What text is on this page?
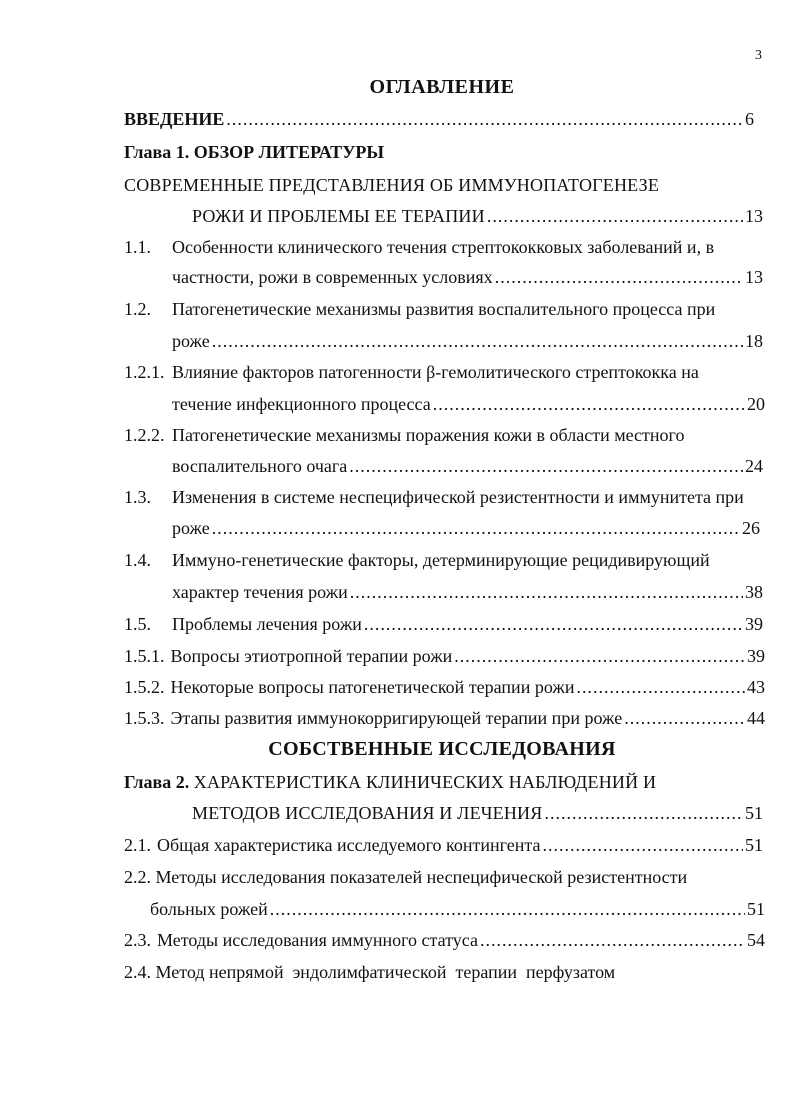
3
ОГЛАВЛЕНИЕ
ВВЕДЕНИЕ .....	6
Глава 1. ОБЗОР ЛИТЕРАТУРЫ
СОВРЕМЕННЫЕ ПРЕДСТАВЛЕНИЯ ОБ ИММУНОПАТОГЕНЕЗЕ
РОЖИ И ПРОБЛЕМЫ ЕЕ ТЕРАПИИ .....	13
1.1. Особенности клинического течения стрептококковых заболеваний и, в
частности, рожи в современных условиях .....	13
1.2. Патогенетические механизмы развития воспалительного процесса при
роже .....	18
1.2.1. Влияние факторов патогенности β-гемолитического стрептококка на
течение инфекционного процесса .....	20
1.2.2. Патогенетические механизмы поражения кожи в области местного
воспалительного очага .....	24
1.3. Изменения в системе неспецифической резистентности и иммунитета при
роже .....	26
1.4. Иммуно-генетические факторы, детерминирующие рецидивирующий
характер течения рожи .....	38
1.5. Проблемы лечения рожи .....	39
1.5.1. Вопросы этиотропной терапии рожи .....	39
1.5.2. Некоторые вопросы патогенетической терапии рожи .....	43
1.5.3. Этапы развития иммунокорригирующей терапии при роже .....	44
СОБСТВЕННЫЕ ИССЛЕДОВАНИЯ
Глава 2. ХАРАКТЕРИСТИКА КЛИНИЧЕСКИХ НАБЛЮДЕНИЙ И
МЕТОДОВ ИССЛЕДОВАНИЯ И ЛЕЧЕНИЯ .....	51
2.1. Общая характеристика исследуемого контингента .....	51
2.2. Методы исследования показателей неспецифической резистентности
больных рожей .....	51
2.3. Методы исследования иммунного статуса .....	54
2.4. Метод непрямой  эндолимфатической  терапии  перфузатом
